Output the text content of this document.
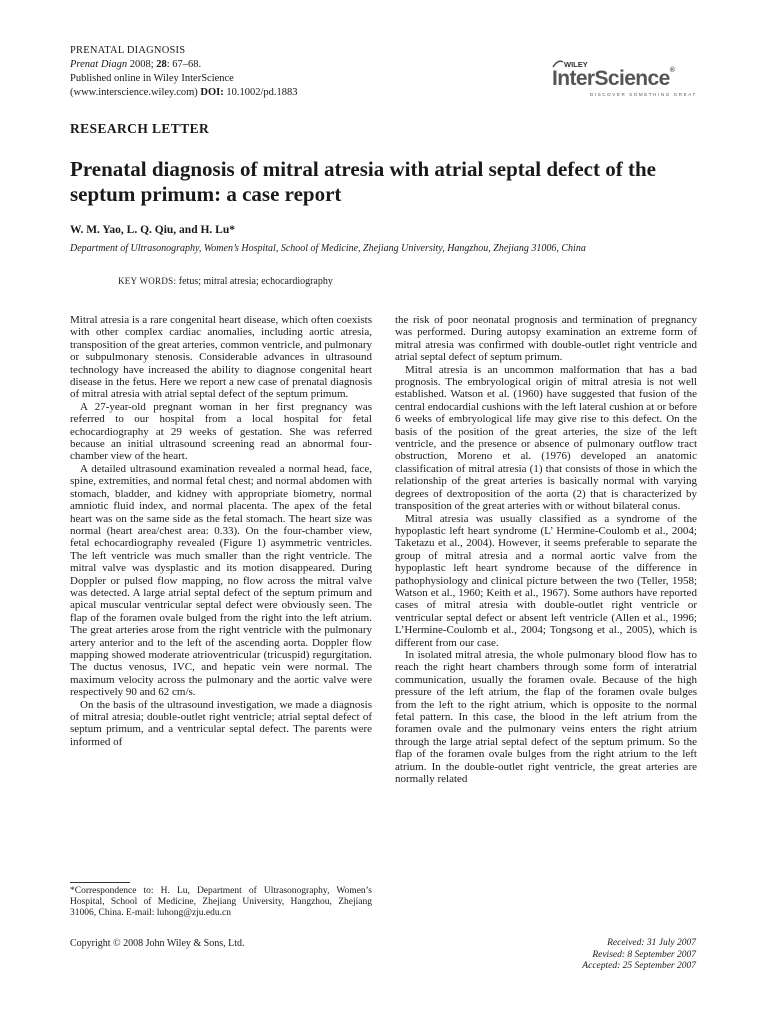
PRENATAL DIAGNOSIS
Prenat Diagn 2008; 28: 67–68.
Published online in Wiley InterScience
(www.interscience.wiley.com) DOI: 10.1002/pd.1883
WILEY
InterScience®
DISCOVER SOMETHING GREAT
RESEARCH LETTER
Prenatal diagnosis of mitral atresia with atrial septal defect of the septum primum: a case report
W. M. Yao, L. Q. Qiu, and H. Lu*
Department of Ultrasonography, Women’s Hospital, School of Medicine, Zhejiang University, Hangzhou, Zhejiang 31006, China
KEY WORDS: fetus; mitral atresia; echocardiography

Mitral atresia is a rare congenital heart disease, which often coexists with other complex cardiac anomalies, including aortic atresia, transposition of the great arteries, common ventricle, and pulmonary or subpulmonary stenosis. Considerable advances in ultrasound technology have increased the ability to diagnose congenital heart disease in the fetus. Here we report a new case of prenatal diagnosis of mitral atresia with atrial septal defect of the septum primum.

A 27-year-old pregnant woman in her first pregnancy was referred to our hospital from a local hospital for fetal echocardiography at 29 weeks of gestation. She was referred because an initial ultrasound screening read an abnormal four-chamber view of the heart.

A detailed ultrasound examination revealed a normal head, face, spine, extremities, and normal fetal chest; and normal abdomen with stomach, bladder, and kidney with appropriate biometry, normal amniotic fluid index, and normal placenta. The apex of the fetal heart was on the same side as the fetal stomach. The heart size was normal (heart area/chest area: 0.33). On the four-chamber view, fetal echocardiography revealed (Figure 1) asymmetric ventricles. The left ventricle was much smaller than the right ventricle. The mitral valve was dysplastic and its motion disappeared. During Doppler or pulsed flow mapping, no flow across the mitral valve was detected. A large atrial septal defect of the septum primum and apical muscular ventricular septal defect were obviously seen. The flap of the foramen ovale bulged from the right into the left atrium. The great arteries arose from the right ventricle with the pulmonary artery anterior and to the left of the ascending aorta. Doppler flow mapping showed moderate atrioventricular (tricuspid) regurgitation. The ductus venosus, IVC, and hepatic vein were normal. The maximum velocity across the pulmonary and the aortic valve were respectively 90 and 62 cm/s.

On the basis of the ultrasound investigation, we made a diagnosis of mitral atresia; double-outlet right ventricle; atrial septal defect of septum primum, and a ventricular septal defect. The parents were informed of

the risk of poor neonatal prognosis and termination of pregnancy was performed. During autopsy examination an extreme form of mitral atresia was confirmed with double-outlet right ventricle and atrial septal defect of septum primum.

Mitral atresia is an uncommon malformation that has a bad prognosis. The embryological origin of mitral atresia is not well established. Watson et al. (1960) have suggested that fusion of the central endocardial cushions with the left lateral cushion at or before 6 weeks of embryological life may give rise to this defect. On the basis of the position of the great arteries, the size of the left ventricle, and the presence or absence of pulmonary outflow tract obstruction, Moreno et al. (1976) developed an anatomic classification of mitral atresia (1) that consists of those in which the relationship of the great arteries is basically normal with varying degrees of dextroposition of the aorta (2) that is characterized by transposition of the great arteries with or without bilateral conus.

Mitral atresia was usually classified as a syndrome of the hypoplastic left heart syndrome (L’ Hermine-Coulomb et al., 2004; Taketazu et al., 2004). However, it seems preferable to separate the group of mitral atresia and a normal aortic valve from the hypoplastic left heart syndrome because of the difference in pathophysiology and clinical picture between the two (Teller, 1958; Watson et al., 1960; Keith et al., 1967). Some authors have reported cases of mitral atresia with double-outlet right ventricle or ventricular septal defect or absent left ventricle (Allen et al., 1996; L’Hermine-Coulomb et al., 2004; Tongsong et al., 2005), which is different from our case.

In isolated mitral atresia, the whole pulmonary blood flow has to reach the right heart chambers through some form of interatrial communication, usually the foramen ovale. Because of the high pressure of the left atrium, the flap of the foramen ovale bulges from the left to the right atrium, which is opposite to the normal fetal pattern. In this case, the blood in the left atrium from the foramen ovale and the pulmonary veins enters the right atrium through the large atrial septal defect of the septum primum. So the flap of the foramen ovale bulges from the right atrium to the left atrium. In the double-outlet right ventricle, the great arteries are normally related

*Correspondence to: H. Lu, Department of Ultrasonography, Women’s Hospital, School of Medicine, Zhejiang University, Hangzhou, Zhejiang 31006, China. E-mail: luhong@zju.edu.cn
Copyright © 2008 John Wiley & Sons, Ltd.	Received: 31 July 2007
Revised: 8 September 2007
Accepted: 25 September 2007
